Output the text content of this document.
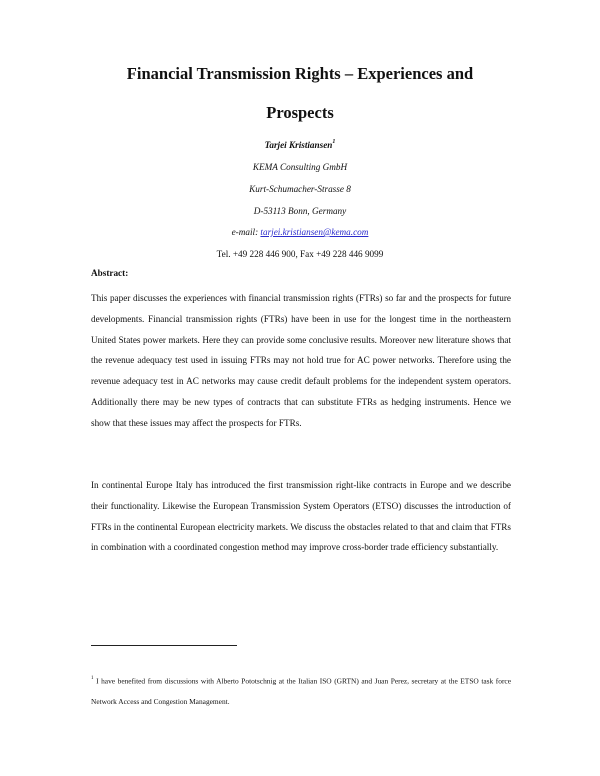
Financial Transmission Rights – Experiences and
Prospects
Tarjei Kristiansen$^1$
KEMA Consulting GmbH
Kurt-Schumacher-Strasse 8
D-53113 Bonn, Germany
e-mail: tarjei.kristiansen@kema.com
Tel. +49 228 446 900, Fax +49 228 446 9099
Abstract:

This paper discusses the experiences with financial transmission rights (FTRs) so far and the prospects for future developments. Financial transmission rights (FTRs) have been in use for the longest time in the northeastern United States power markets. Here they can provide some conclusive results. Moreover new literature shows that the revenue adequacy test used in issuing FTRs may not hold true for AC power networks. Therefore using the revenue adequacy test in AC networks may cause credit default problems for the independent system operators. Additionally there may be new types of contracts that can substitute FTRs as hedging instruments. Hence we show that these issues may affect the prospects for FTRs.

In continental Europe Italy has introduced the first transmission right-like contracts in Europe and we describe their functionality. Likewise the European Transmission System Operators (ETSO) discusses the introduction of FTRs in the continental European electricity markets. We discuss the obstacles related to that and claim that FTRs in combination with a coordinated congestion method may improve cross-border trade efficiency substantially.

$^1$ I have benefited from discussions with Alberto Pototschnig at the Italian ISO (GRTN) and Juan Perez, secretary at the ETSO task force Network Access and Congestion Management.
